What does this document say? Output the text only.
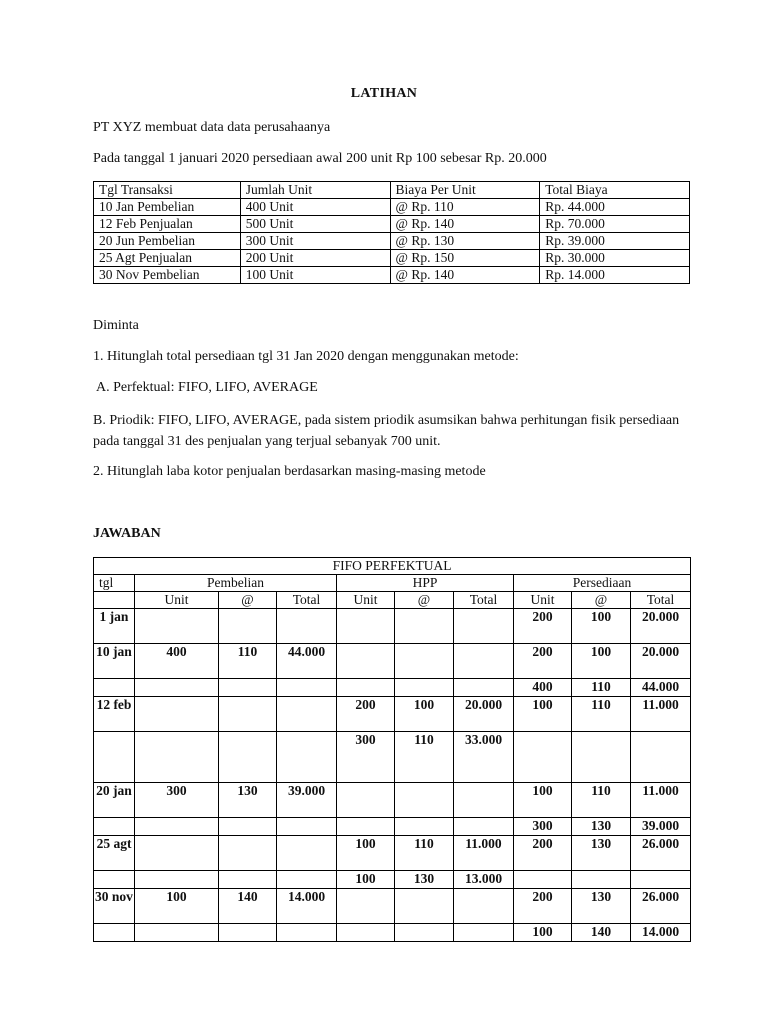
LATIHAN
PT XYZ membuat data data perusahaanya
Pada tanggal 1 januari 2020 persediaan awal 200 unit Rp 100 sebesar Rp. 20.000
Tgl Transaksi	Jumlah Unit	Biaya Per Unit	Total Biaya
10 Jan Pembelian	400 Unit	@ Rp. 110	Rp. 44.000
12 Feb Penjualan	500 Unit	@ Rp. 140	Rp. 70.000
20 Jun Pembelian	300 Unit	@ Rp. 130	Rp. 39.000
25 Agt Penjualan	200 Unit	@ Rp. 150	Rp. 30.000
30 Nov Pembelian	100 Unit	@ Rp. 140	Rp. 14.000
Diminta
1. Hitunglah total persediaan tgl 31 Jan 2020 dengan menggunakan metode:
A. Perfektual: FIFO, LIFO, AVERAGE
B. Priodik: FIFO, LIFO, AVERAGE, pada sistem priodik asumsikan bahwa perhitungan fisik persediaan pada tanggal 31 des penjualan yang terjual sebanyak 700 unit.
2. Hitunglah laba kotor penjualan berdasarkan masing-masing metode
JAWABAN
FIFO PERFEKTUAL									
tgl	Pembelian			HPP			Persediaan		
	Unit	@	Total	Unit	@	Total	Unit	@	Total
1 jan							200	100	20.000
10 jan	400	110	44.000				200	100	20.000
							400	110	44.000
12 feb				200	100	20.000	100	110	11.000
				300	110	33.000			
20 jan	300	130	39.000				100	110	11.000
							300	130	39.000
25 agt				100	110	11.000	200	130	26.000
				100	130	13.000			
30 nov	100	140	14.000				200	130	26.000
							100	140	14.000
